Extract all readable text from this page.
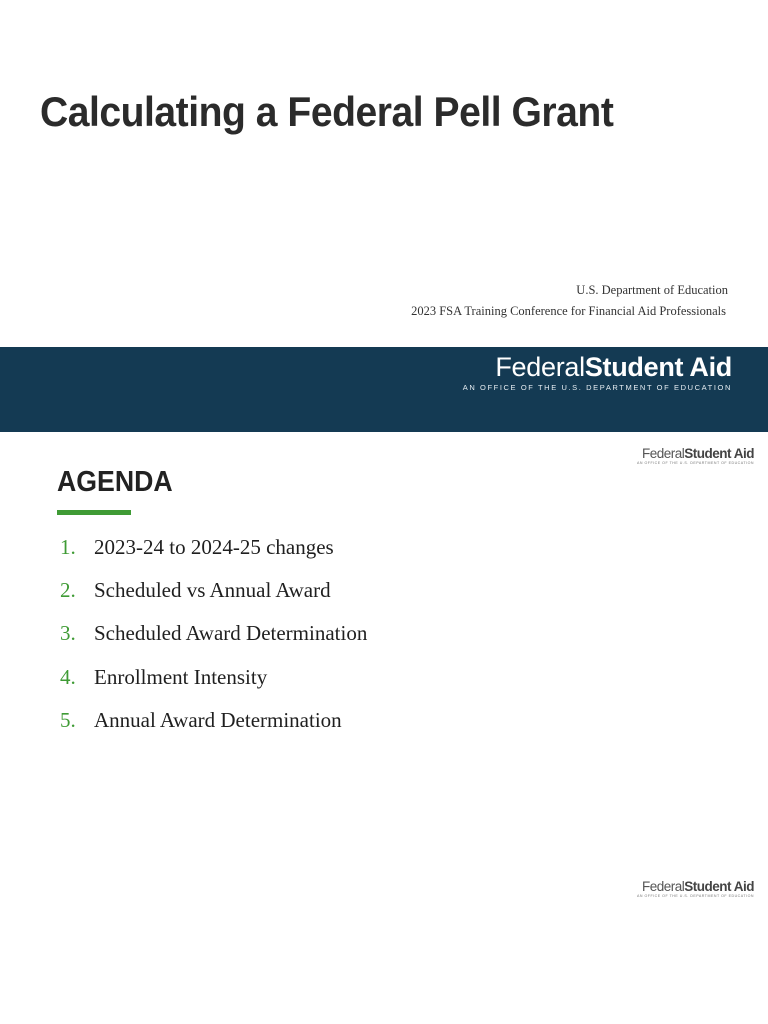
Calculating a Federal Pell Grant
U.S. Department of Education
2023 FSA Training Conference for Financial Aid Professionals
FederalStudent Aid
AN OFFICE OF THE U.S. DEPARTMENT OF EDUCATION
FederalStudent Aid
AN OFFICE OF THE U.S. DEPARTMENT OF EDUCATION
AGENDA
1. 2023-24 to 2024-25 changes
2. Scheduled vs Annual Award
3. Scheduled Award Determination
4. Enrollment Intensity
5. Annual Award Determination
FederalStudent Aid
AN OFFICE OF THE U.S. DEPARTMENT OF EDUCATION
